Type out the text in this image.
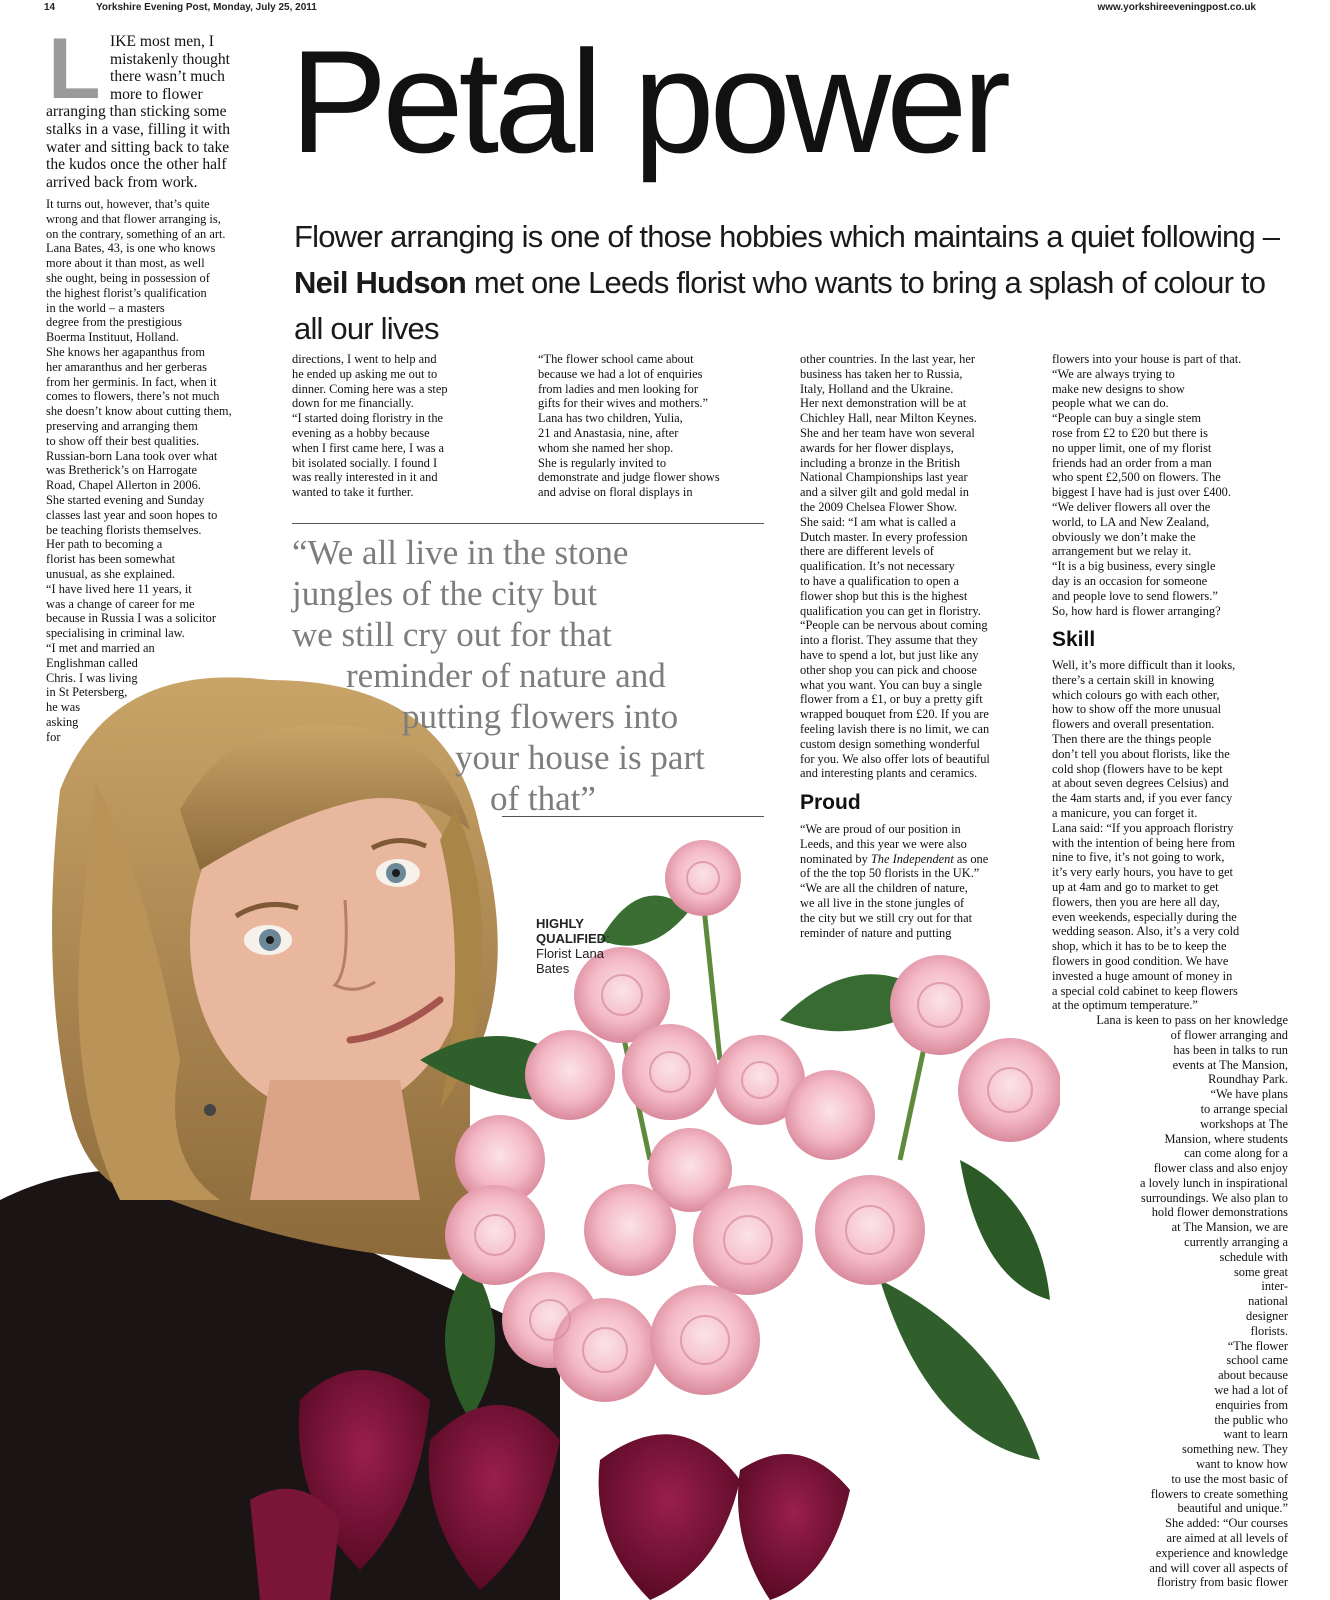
14	Yorkshire Evening Post, Monday, July 25, 2011	www.yorkshireeveningpost.co.uk
Petal power
Flower arranging is one of those hobbies which maintains a quiet following – Neil Hudson met one Leeds florist who wants to bring a splash of colour to all our lives
L IKE most men, I
mistakenly thought
there wasn’t much
more to flower
arranging than sticking some
stalks in a vase, filling it with
water and sitting back to take
the kudos once the other half
arrived back from work.
It turns out, however, that’s quite
wrong and that flower arranging is,
on the contrary, something of an art.
Lana Bates, 43, is one who knows
more about it than most, as well
she ought, being in possession of
the highest florist’s qualification
in the world – a masters
degree from the prestigious
Boerma Instituut, Holland.
She knows her agapanthus from
her amaranthus and her gerberas
from her germinis. In fact, when it
comes to flowers, there’s not much
she doesn’t know about cutting them,
preserving and arranging them
to show off their best qualities.
Russian-born Lana took over what
was Bretherick’s on Harrogate
Road, Chapel Allerton in 2006.
She started evening and Sunday
classes last year and soon hopes to
be teaching florists themselves.
Her path to becoming a
florist has been somewhat
unusual, as she explained.
“I have lived here 11 years, it
was a change of career for me
because in Russia I was a solicitor
specialising in criminal law.
“I met and married an
Englishman called
Chris. I was living
in St Petersberg,
he was
asking
for
directions, I went to help and
he ended up asking me out to
dinner. Coming here was a step
down for me financially.
“I started doing floristry in the
evening as a hobby because
when I first came here, I was a
bit isolated socially. I found I
was really interested in it and
wanted to take it further.
“The flower school came about
because we had a lot of enquiries
from ladies and men looking for
gifts for their wives and mothers.”
Lana has two children, Yulia,
21 and Anastasia, nine, after
whom she named her shop.
She is regularly invited to
demonstrate and judge flower shows
and advise on floral displays in
“We all live in the stone
jungles of the city but
we still cry out for that
reminder of nature and
putting flowers into
your house is part
of that”
HIGHLY
QUALIFIED:
Florist Lana
Bates
other countries. In the last year, her
business has taken her to Russia,
Italy, Holland and the Ukraine.
Her next demonstration will be at
Chichley Hall, near Milton Keynes.
She and her team have won several
awards for her flower displays,
including a bronze in the British
National Championships last year
and a silver gilt and gold medal in
the 2009 Chelsea Flower Show.
She said: “I am what is called a
Dutch master. In every profession
there are different levels of
qualification. It’s not necessary
to have a qualification to open a
flower shop but this is the highest
qualification you can get in floristry.
“People can be nervous about coming
into a florist. They assume that they
have to spend a lot, but just like any
other shop you can pick and choose
what you want. You can buy a single
flower from a £1, or buy a pretty gift
wrapped bouquet from £20. If you are
feeling lavish there is no limit, we can
custom design something wonderful
for you. We also offer lots of beautiful
and interesting plants and ceramics.
Proud
“We are proud of our position in
Leeds, and this year we were also
nominated by The Independent as one
of the the top 50 florists in the UK.”
“We are all the children of nature,
we all live in the stone jungles of
the city but we still cry out for that
reminder of nature and putting
flowers into your house is part of that.
“We are always trying to
make new designs to show
people what we can do.
“People can buy a single stem
rose from £2 to £20 but there is
no upper limit, one of my florist
friends had an order from a man
who spent £2,500 on flowers. The
biggest I have had is just over £400.
“We deliver flowers all over the
world, to LA and New Zealand,
obviously we don’t make the
arrangement but we relay it.
“It is a big business, every single
day is an occasion for someone
and people love to send flowers.”
So, how hard is flower arranging?
Skill
Well, it’s more difficult than it looks,
there’s a certain skill in knowing
which colours go with each other,
how to show off the more unusual
flowers and overall presentation.
Then there are the things people
don’t tell you about florists, like the
cold shop (flowers have to be kept
at about seven degrees Celsius) and
the 4am starts and, if you ever fancy
a manicure, you can forget it.
Lana said: “If you approach floristry
with the intention of being here from
nine to five, it’s not going to work,
it’s very early hours, you have to get
up at 4am and go to market to get
flowers, then you are here all day,
even weekends, especially during the
wedding season. Also, it’s a very cold
shop, which it has to be to keep the
flowers in good condition. We have
invested a huge amount of money in
a special cold cabinet to keep flowers
at the optimum temperature.”
Lana is keen to pass on her knowledge
of flower arranging and
has been in talks to run
events at The Mansion,
Roundhay Park.
“We have plans
to arrange special
workshops at The
Mansion, where students
can come along for a
flower class and also enjoy
a lovely lunch in inspirational
surroundings. We also plan to
hold flower demonstrations
at The Mansion, we are
currently arranging a
schedule with
some great
inter-
national
designer
florists.
“The flower
school came
about because
we had a lot of
enquiries from
the public who
want to learn
something new. They
want to know how
to use the most basic of
flowers to create something
beautiful and unique.”
She added: “Our courses
are aimed at all levels of
experience and knowledge
and will cover all aspects of
floristry from basic flower
